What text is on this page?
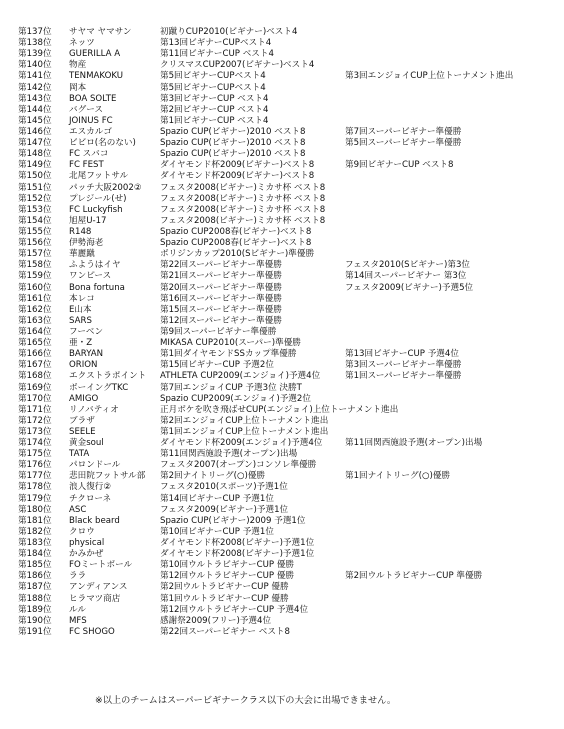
第137位	サヤマ ヤマサン	初蹴りCUP2010(ビギナー)ベスト4
第138位	ネッツ	第13回ビギナーCUPベスト4
第139位	GUERILLA A	第11回ビギナーCUP ベスト4
第140位	物産	クリスマスCUP2007(ビギナー)ベスト4
第141位	TENMAKOKU	第5回ビギナーCUPベスト4	第3回エンジョイCUP上位トーナメント進出
第142位	岡本	第5回ビギナーCUPベスト4
第143位	BOA SOLTE	第3回ビギナーCUP ベスト4
第144位	バグース	第2回ビギナーCUP ベスト4
第145位	JOINUS FC	第1回ビギナーCUP ベスト4
第146位	エスカルゴ	Spazio CUP(ビギナー)2010 ベスト8	第7回スーパービギナー準優勝
第147位	ビビロ(名のない)	Spazio CUP(ビギナー)2010 ベスト8	第5回スーパービギナー準優勝
第148位	FC スバコ	Spazio CUP(ビギナー)2010 ベスト8
第149位	FC FEST	ダイヤモンド杯2009(ビギナー)ベスト8	第9回ビギナーCUP ベスト8
第150位	北尾フットサル	ダイヤモンド杯2009(ビギナー)ベスト8
第151位	パッチ大阪2002②	フェスタ2008(ビギナー)ミカサ杯 ベスト8
第152位	プレジール(せ)	フェスタ2008(ビギナー)ミカサ杯 ベスト8
第153位	FC Luckyfish	フェスタ2008(ビギナー)ミカサ杯 ベスト8
第154位	旭屋U-17	フェスタ2008(ビギナー)ミカサ杯 ベスト8
第155位	R148	Spazio CUP2008春(ビギナー)ベスト8
第156位	伊勢海老	Spazio CUP2008春(ビギナー)ベスト8
第157位	華麗蹴	ボリジンカップ2010(Sビギナー)準優勝
第158位	ふようはイヤ	第22回スーパービギナー準優勝	フェスタ2010(Sビギナー)第3位
第159位	ワンピース	第21回スーパービギナー準優勝	第14回スーパービギナー 第3位
第160位	Bona fortuna	第20回スーパービギナー準優勝	フェスタ2009(ビギナー)予選5位
第161位	本レコ	第16回スーパービギナー準優勝
第162位	E山本	第15回スーパービギナー準優勝
第163位	SARS	第12回スーパービギナー準優勝
第164位	フーベン	第9回スーパービギナー準優勝
第165位	亜・Z	MIKASA CUP2010(スーパー)準優勝
第166位	BARYAN	第1回ダイヤモンドSSカップ準優勝	第13回ビギナーCUP 予選4位
第167位	ORION	第15回ビギナーCUP 予選2位	第3回スーパービギナー準優勝
第168位	エクストラポイント	ATHLETA CUP2009(エンジョイ)予選4位	第1回スーパービギナー準優勝
第169位	ボーイングTKC	第7回エンジョイCUP 予選3位 決勝T
第170位	AMIGO	Spazio CUP2009(エンジョイ)予選2位
第171位	リノバティオ	正月ボケを吹き飛ばせCUP(エンジョイ)上位トーナメント進出
第172位	ブラザ	第2回エンジョイCUP上位トーナメント進出
第173位	SEELE	第1回エンジョイCUP上位トーナメント進出
第174位	黄金soul	ダイヤモンド杯2009(エンジョイ)予選4位	第11回関西施設予選(オープン)出場
第175位	TATA	第11回関西施設予選(オープン)出場
第176位	パロンドール	フェスタ2007(オープン)コンソレ準優勝
第177位	悲田院フットサル部	第2回ナイトリーグ(○)優勝	第1回ナイトリーグ(○)優勝
第178位	浪人復行②	フェスタ2010(スポーツ)予選1位
第179位	チクローネ	第14回ビギナーCUP 予選1位
第180位	ASC	フェスタ2009(ビギナー)予選1位
第181位	Black beard	Spazio CUP(ビギナー)2009 予選1位
第182位	クロウ	第10回ビギナーCUP 予選1位
第183位	physical	ダイヤモンド杯2008(ビギナー)予選1位
第184位	かみかぜ	ダイヤモンド杯2008(ビギナー)予選1位
第185位	FOミートボール	第10回ウルトラビギナーCUP 優勝
第186位	ララ	第12回ウルトラビギナーCUP 優勝	第2回ウルトラビギナーCUP 準優勝
第187位	アンディアンス	第2回ウルトラビギナーCUP 優勝
第188位	ヒラマツ商店	第1回ウルトラビギナーCUP 優勝
第189位	ルル	第12回ウルトラビギナーCUP 予選4位
第190位	MFS	感謝祭2009(フリー)予選4位
第191位	FC SHOGO	第22回スーパービギナー ベスト8
※以上のチームはスーパービギナークラス以下の大会に出場できません。
